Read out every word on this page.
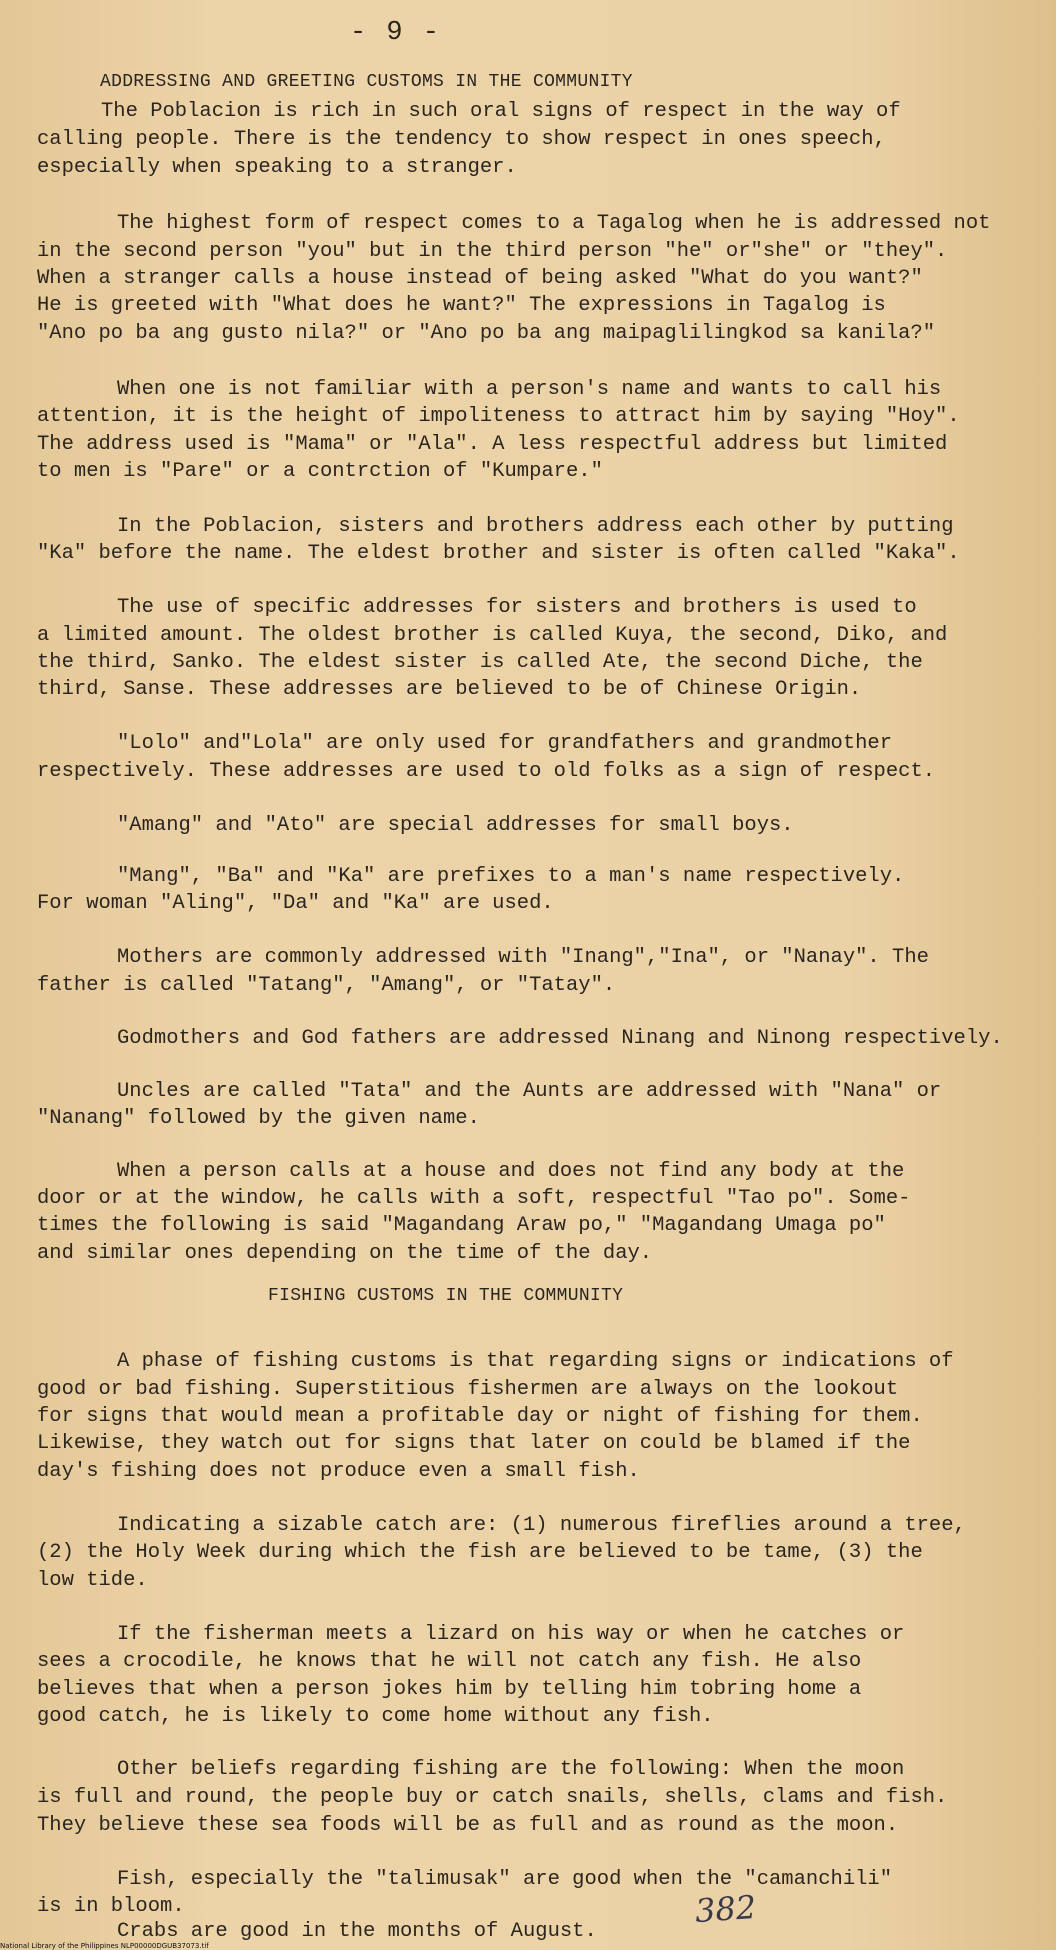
- 9 -
ADDRESSING AND GREETING CUSTOMS IN THE COMMUNITY
FISHING CUSTOMS IN THE COMMUNITY
The Poblacion is rich in such oral signs of respect in the way of
calling people. There is the tendency to show respect in ones speech,
especially when speaking to a stranger.
The highest form of respect comes to a Tagalog when he is addressed not
in the second person "you" but in the third person "he" or"she" or "they".
When a stranger calls a house instead of being asked "What do you want?"
He is greeted with "What does he want?" The expressions in Tagalog is
"Ano po ba ang gusto nila?" or "Ano po ba ang maipaglilingkod sa kanila?"
When one is not familiar with a person's name and wants to call his
attention, it is the height of impoliteness to attract him by saying "Hoy".
The address used is "Mama" or "Ala". A less respectful address but limited
to men is "Pare" or a contrction of "Kumpare."
In the Poblacion, sisters and brothers address each other by putting
"Ka" before the name. The eldest brother and sister is often called "Kaka".
The use of specific addresses for sisters and brothers is used to
a limited amount. The oldest brother is called Kuya, the second, Diko, and
the third, Sanko. The eldest sister is called Ate, the second Diche, the
third, Sanse. These addresses are believed to be of Chinese Origin.
"Lolo" and"Lola" are only used for grandfathers and grandmother
respectively. These addresses are used to old folks as a sign of respect.
"Amang" and "Ato" are special addresses for small boys.
"Mang", "Ba" and "Ka" are prefixes to a man's name respectively.
For woman "Aling", "Da" and "Ka" are used.
Mothers are commonly addressed with "Inang","Ina", or "Nanay". The
father is called "Tatang", "Amang", or "Tatay".
Godmothers and God fathers are addressed Ninang and Ninong respectively.
Uncles are called "Tata" and the Aunts are addressed with "Nana" or
"Nanang" followed by the given name.
When a person calls at a house and does not find any body at the
door or at the window, he calls with a soft, respectful "Tao po". Some-
times the following is said "Magandang Araw po," "Magandang Umaga po"
and similar ones depending on the time of the day.
A phase of fishing customs is that regarding signs or indications of
good or bad fishing. Superstitious fishermen are always on the lookout
for signs that would mean a profitable day or night of fishing for them.
Likewise, they watch out for signs that later on could be blamed if the
day's fishing does not produce even a small fish.
Indicating a sizable catch are: (1) numerous fireflies around a tree,
(2) the Holy Week during which the fish are believed to be tame, (3) the
low tide.
If the fisherman meets a lizard on his way or when he catches or
sees a crocodile, he knows that he will not catch any fish. He also
believes that when a person jokes him by telling him tobring home a
good catch, he is likely to come home without any fish.
Other beliefs regarding fishing are the following: When the moon
is full and round, the people buy or catch snails, shells, clams and fish.
They believe these sea foods will be as full and as round as the moon.
Fish, especially the "talimusak" are good when the "camanchili"
is in bloom.
Crabs are good in the months of August.
382
National Library of the Philippines NLP00000DGUB37073.tif
